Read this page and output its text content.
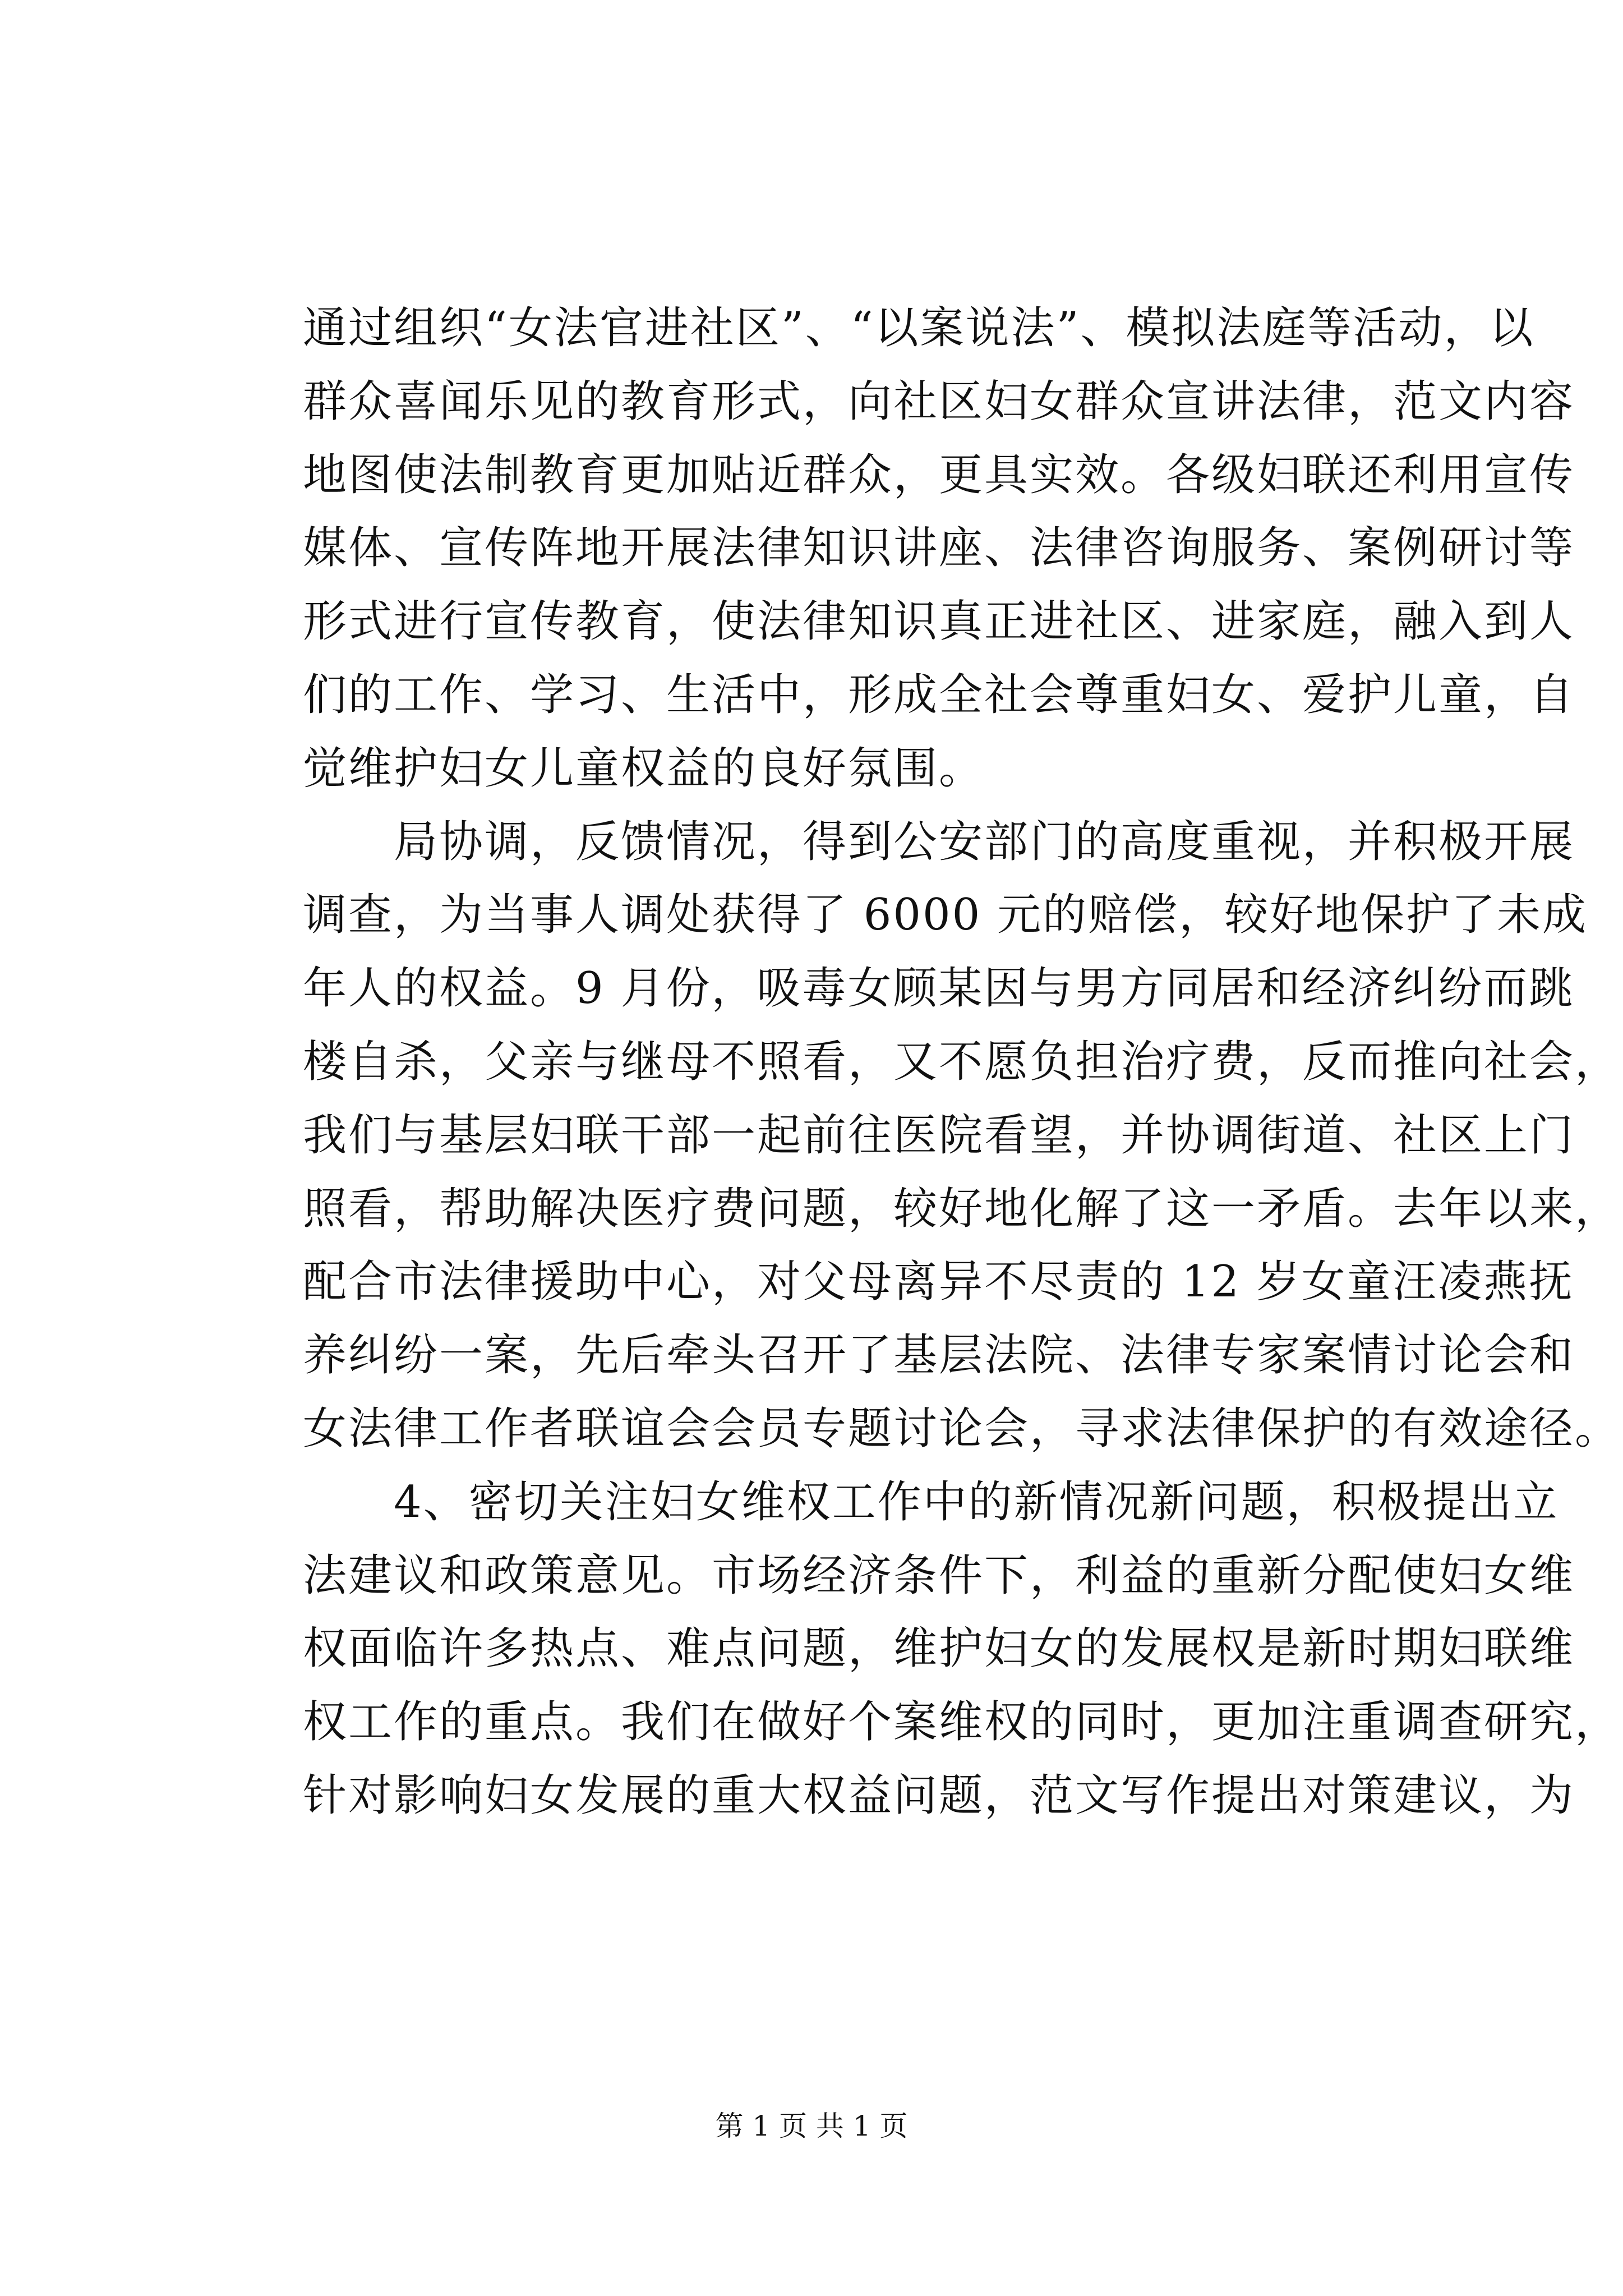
通过组织“女法官进社区”、“以案说法”、模拟法庭等活动，以
群众喜闻乐见的教育形式，向社区妇女群众宣讲法律，范文内容
地图使法制教育更加贴近群众，更具实效。各级妇联还利用宣传
媒体、宣传阵地开展法律知识讲座、法律咨询服务、案例研讨等
形式进行宣传教育，使法律知识真正进社区、进家庭，融入到人
们的工作、学习、生活中，形成全社会尊重妇女、爱护儿童，自
觉维护妇女儿童权益的良好氛围。
　　局协调，反馈情况，得到公安部门的高度重视，并积极开展
调查，为当事人调处获得了 6000 元的赔偿，较好地保护了未成
年人的权益。9 月份，吸毒女顾某因与男方同居和经济纠纷而跳
楼自杀，父亲与继母不照看，又不愿负担治疗费，反而推向社会，
我们与基层妇联干部一起前往医院看望，并协调街道、社区上门
照看，帮助解决医疗费问题，较好地化解了这一矛盾。去年以来，
配合市法律援助中心，对父母离异不尽责的 12 岁女童汪凌燕抚
养纠纷一案，先后牵头召开了基层法院、法律专家案情讨论会和
女法律工作者联谊会会员专题讨论会，寻求法律保护的有效途径。
　　4、密切关注妇女维权工作中的新情况新问题，积极提出立
法建议和政策意见。市场经济条件下，利益的重新分配使妇女维
权面临许多热点、难点问题，维护妇女的发展权是新时期妇联维
权工作的重点。我们在做好个案维权的同时，更加注重调查研究，
针对影响妇女发展的重大权益问题，范文写作提出对策建议，为
第 1 页 共 1 页
